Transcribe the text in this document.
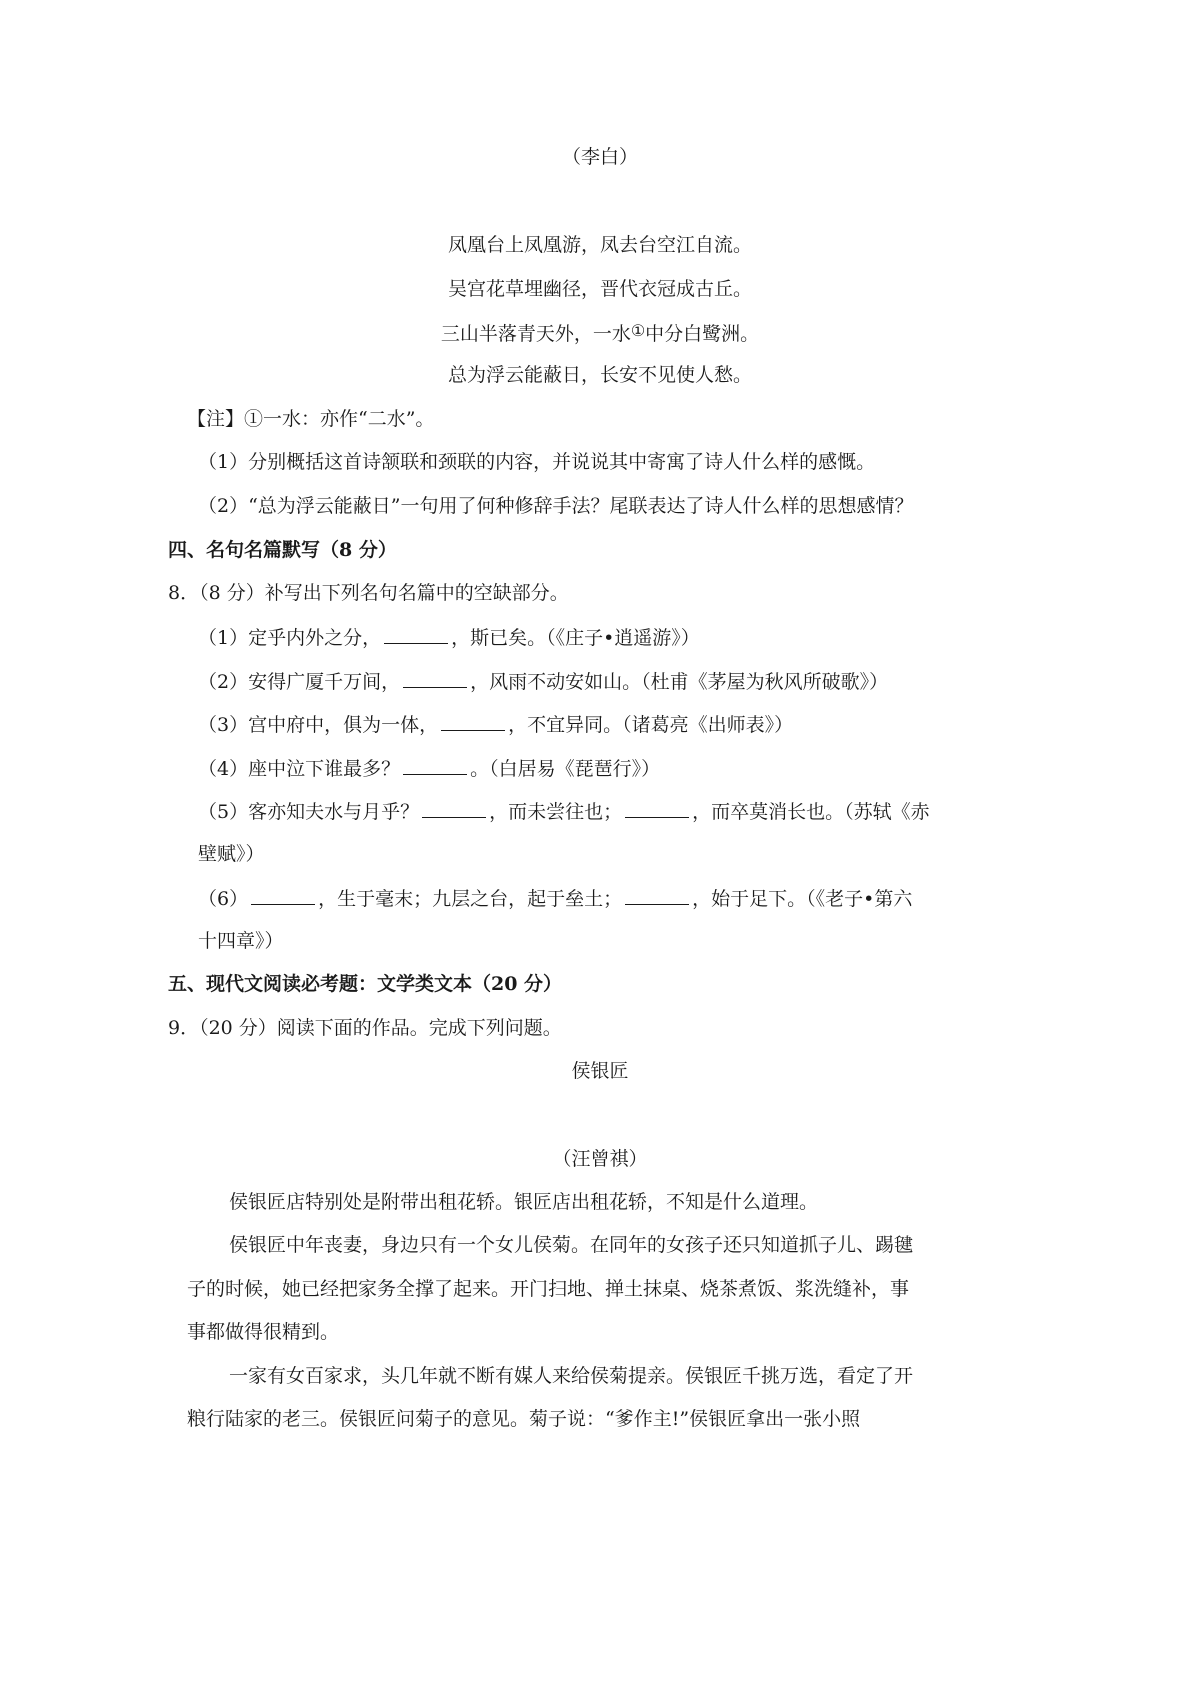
（李白）
凤凰台上凤凰游，凤去台空江自流。
吴宫花草埋幽径，晋代衣冠成古丘。
三山半落青天外，一水①中分白鹭洲。
总为浮云能蔽日，长安不见使人愁。
【注】①一水：亦作“二水”。
（1）分别概括这首诗颔联和颈联的内容，并说说其中寄寓了诗人什么样的感慨。
（2）“总为浮云能蔽日”一句用了何种修辞手法？尾联表达了诗人什么样的思想感情？
四、名句名篇默写（8 分）
8．（8 分）补写出下列名句名篇中的空缺部分。
（1）定乎内外之分，	，斯已矣。（《庄子•逍遥游》）
（2）安得广厦千万间，	，风雨不动安如山。（杜甫《茅屋为秋风所破歌》）
（3）宫中府中，俱为一体，	，不宜异同。（诸葛亮《出师表》）
（4）座中泣下谁最多？	。（白居易《琵琶行》）
（5）客亦知夫水与月乎？	，而未尝往也；	，而卒莫消长也。（苏轼《赤
壁赋》）
（6）	，生于毫末；九层之台，起于垒土；	，始于足下。（《老子•第六
十四章》）
五、现代文阅读必考题：文学类文本（20 分）
9．（20 分）阅读下面的作品。完成下列问题。
侯银匠
（汪曾祺）
侯银匠店特别处是附带出租花轿。银匠店出租花轿，不知是什么道理。
侯银匠中年丧妻，身边只有一个女儿侯菊。在同年的女孩子还只知道抓子儿、踢毽
子的时候，她已经把家务全撑了起来。开门扫地、掸土抹桌、烧茶煮饭、浆洗缝补，事
事都做得很精到。
一家有女百家求，头几年就不断有媒人来给侯菊提亲。侯银匠千挑万选，看定了开
粮行陆家的老三。侯银匠问菊子的意见。菊子说：“爹作主!”侯银匠拿出一张小照
